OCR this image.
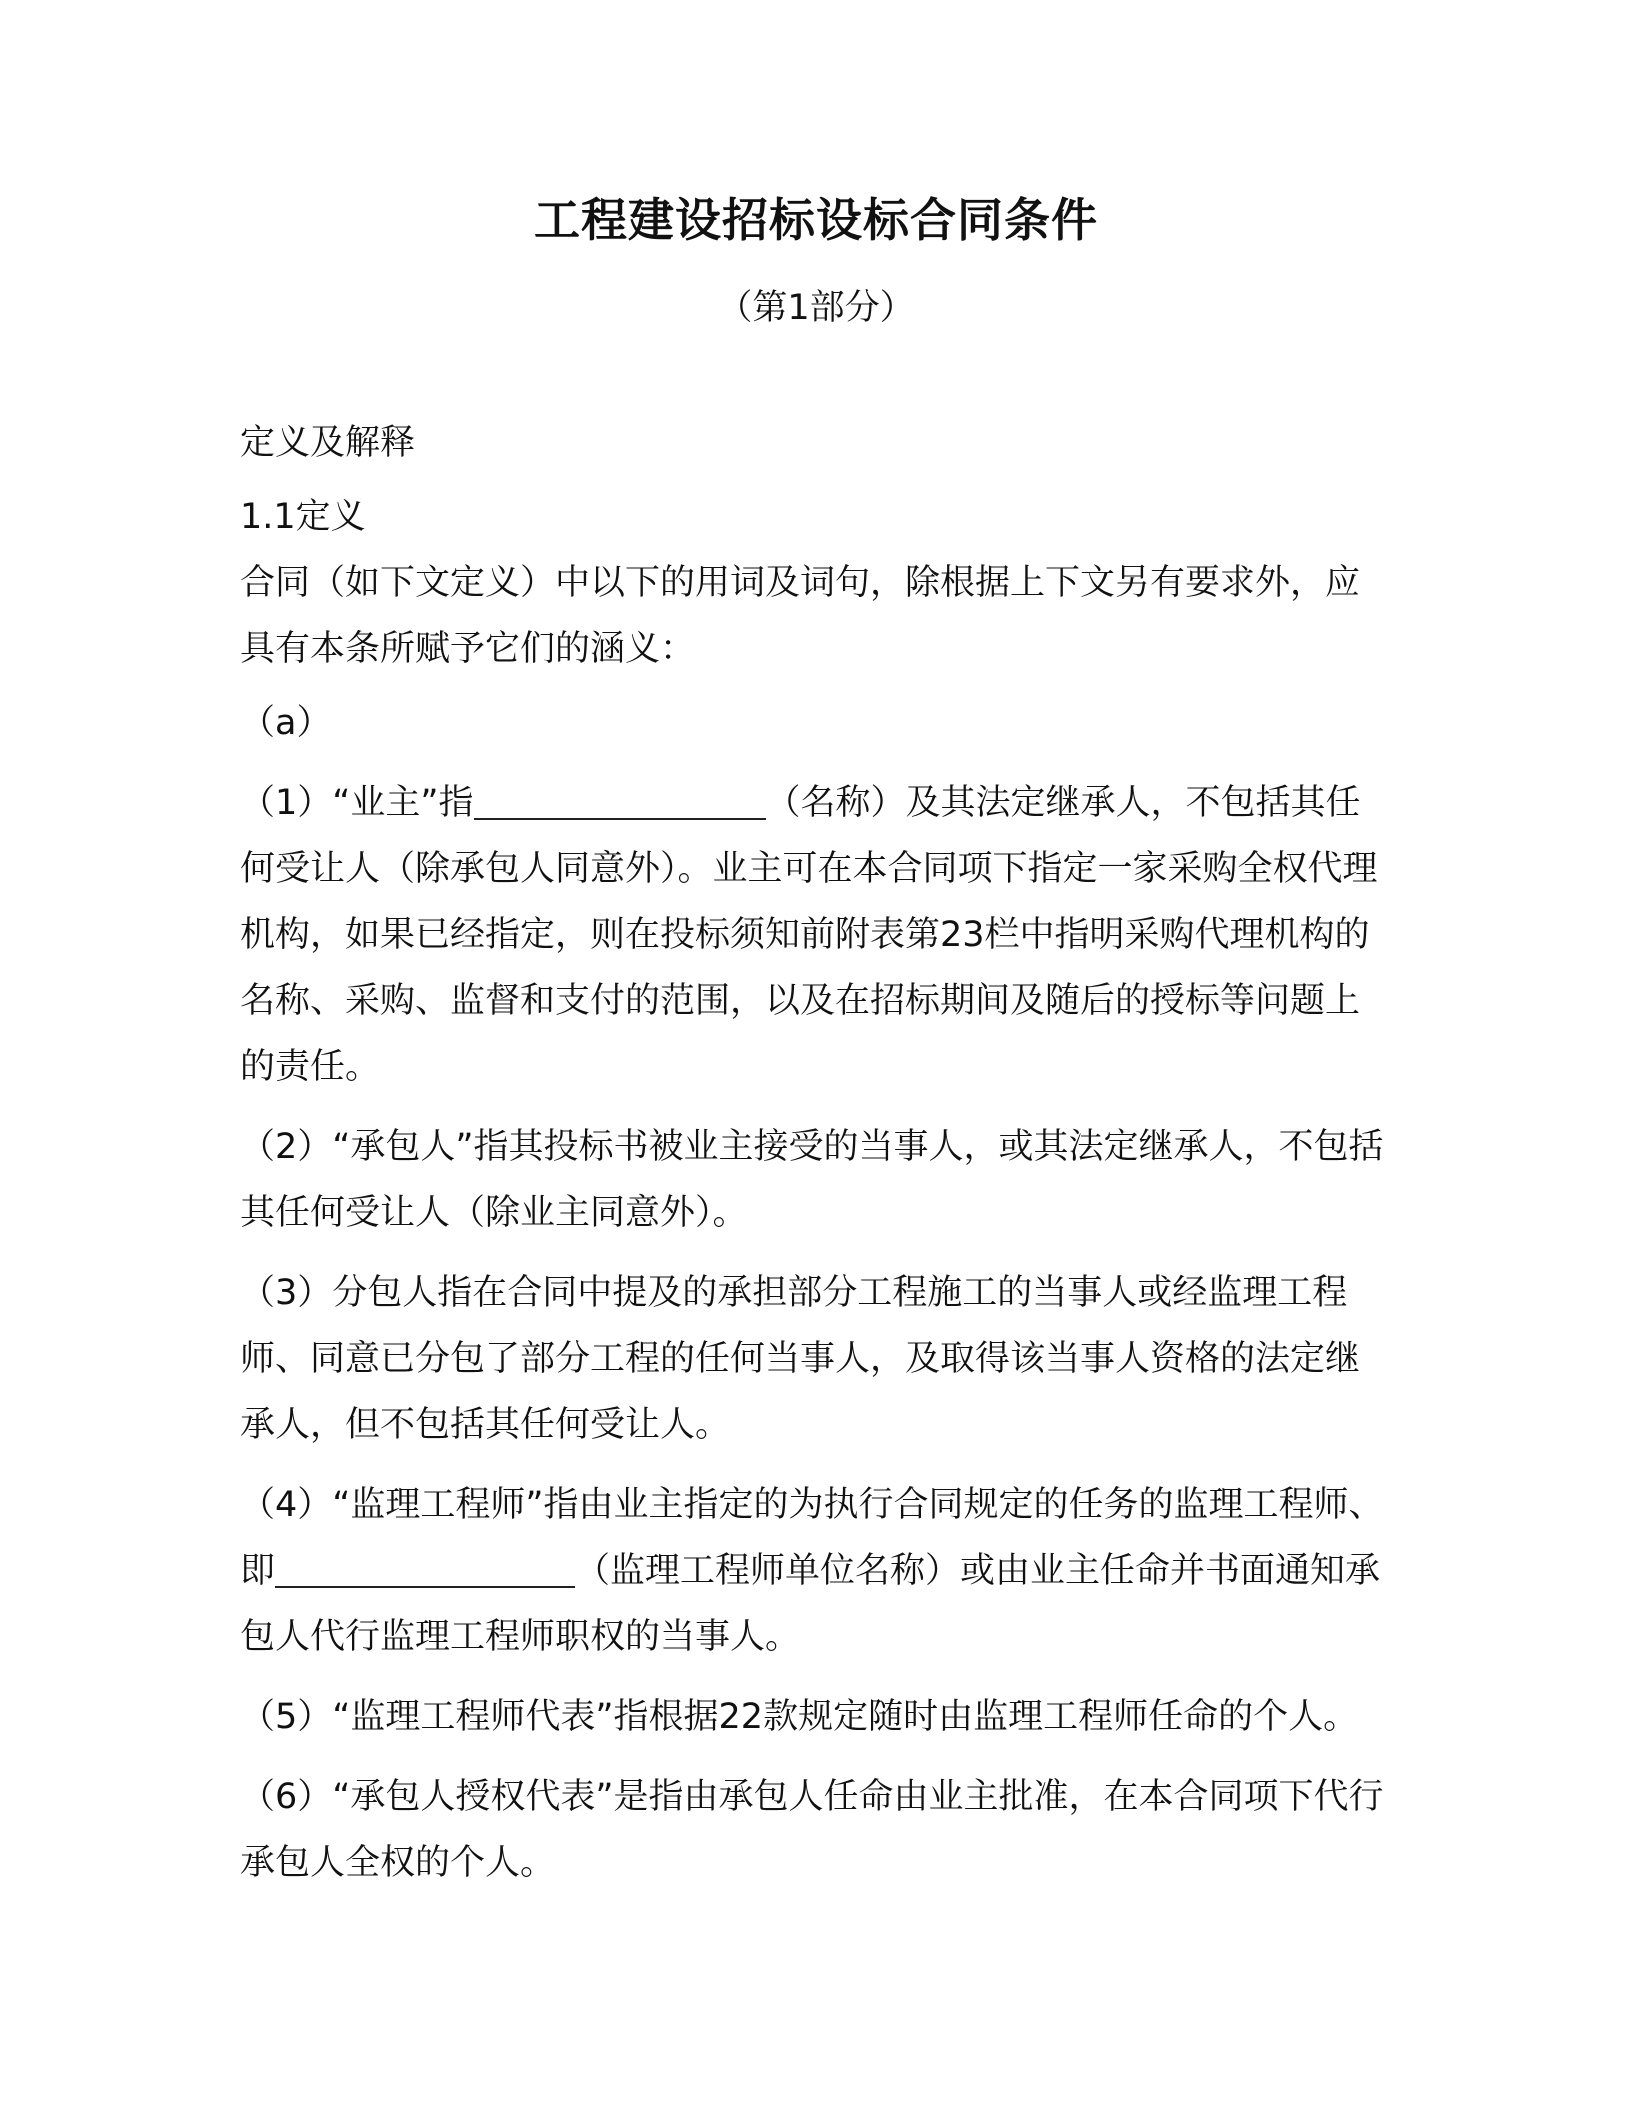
工程建设招标设标合同条件
（第1部分）

定义及解释

1.1定义

合同（如下文定义）中以下的用词及词句，除根据上下文另有要求外，应具有本条所赋予它们的涵义：

（a）

（1）“业主”指	（名称）及其法定继承人，不包括其任何受让人（除承包人同意外）。业主可在本合同项下指定一家采购全权代理机构，如果已经指定，则在投标须知前附表第23栏中指明采购代理机构的名称、采购、监督和支付的范围，以及在招标期间及随后的授标等问题上的责任。

（2）“承包人”指其投标书被业主接受的当事人，或其法定继承人，不包括其任何受让人（除业主同意外）。

（3）分包人指在合同中提及的承担部分工程施工的当事人或经监理工程师、同意已分包了部分工程的任何当事人，及取得该当事人资格的法定继承人，但不包括其任何受让人。

（4）“监理工程师”指由业主指定的为执行合同规定的任务的监理工程师、即	（监理工程师单位名称）或由业主任命并书面通知承包人代行监理工程师职权的当事人。

（5）“监理工程师代表”指根据22款规定随时由监理工程师任命的个人。

（6）“承包人授权代表”是指由承包人任命由业主批准，在本合同项下代行承包人全权的个人。
